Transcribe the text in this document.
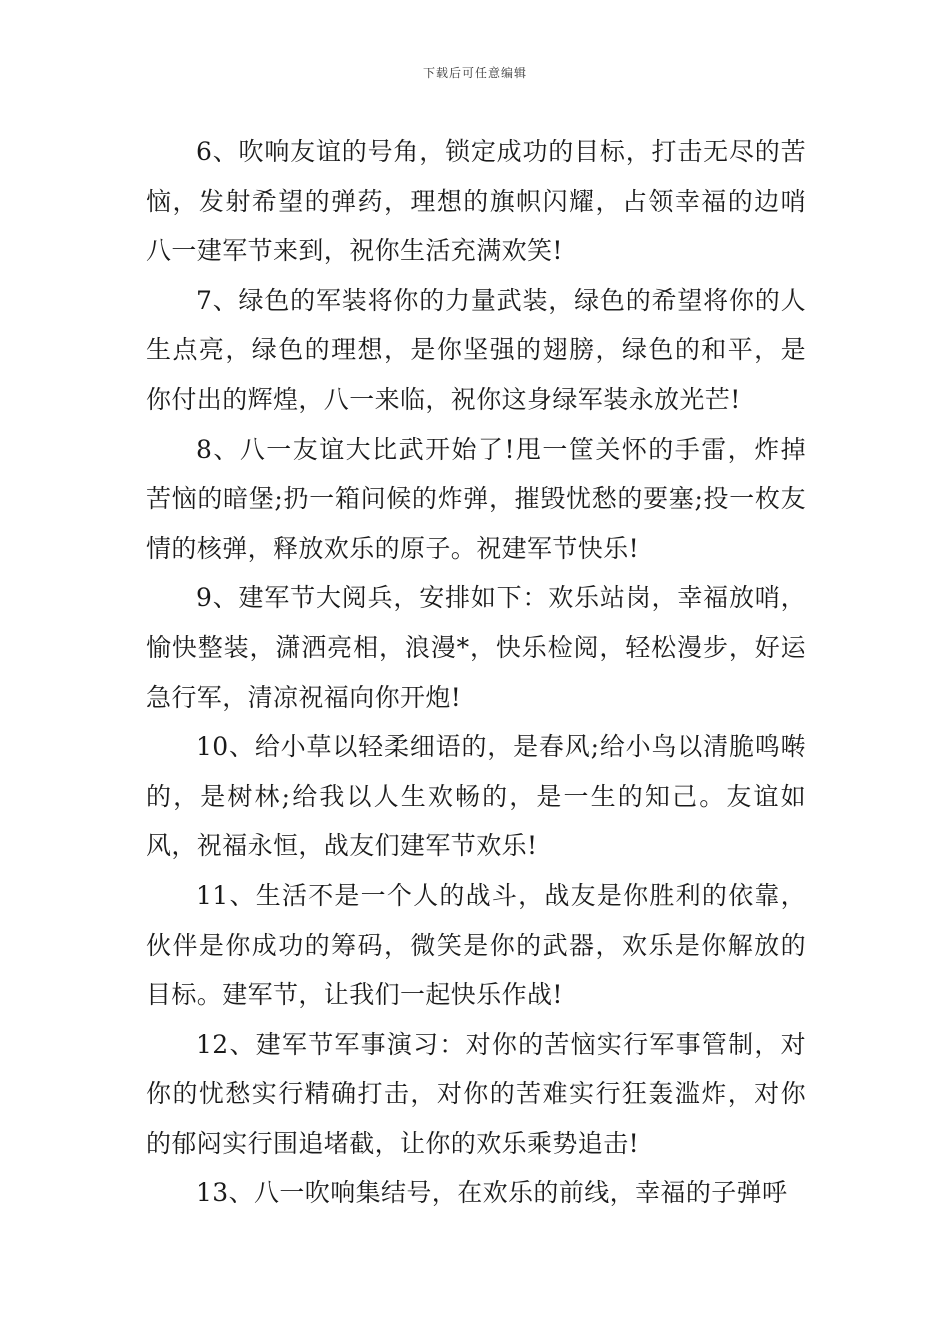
下载后可任意编辑

6、吹响友谊的号角，锁定成功的目标，打击无尽的苦恼，发射希望的弹药，理想的旗帜闪耀，占领幸福的边哨八一建军节来到，祝你生活充满欢笑!

7、绿色的军装将你的力量武装，绿色的希望将你的人生点亮，绿色的理想，是你坚强的翅膀，绿色的和平，是你付出的辉煌，八一来临，祝你这身绿军装永放光芒!

8、八一友谊大比武开始了!甩一筐关怀的手雷，炸掉苦恼的暗堡;扔一箱问候的炸弹，摧毁忧愁的要塞;投一枚友情的核弹，释放欢乐的原子。祝建军节快乐!

9、建军节大阅兵，安排如下：欢乐站岗，幸福放哨，愉快整装，潇洒亮相，浪漫*，快乐检阅，轻松漫步，好运急行军，清凉祝福向你开炮!

10、给小草以轻柔细语的，是春风;给小鸟以清脆鸣啭的，是树林;给我以人生欢畅的，是一生的知己。友谊如风，祝福永恒，战友们建军节欢乐!

11、生活不是一个人的战斗，战友是你胜利的依靠，伙伴是你成功的筹码，微笑是你的武器，欢乐是你解放的目标。建军节，让我们一起快乐作战!

12、建军节军事演习：对你的苦恼实行军事管制，对你的忧愁实行精确打击，对你的苦难实行狂轰滥炸，对你的郁闷实行围追堵截，让你的欢乐乘势追击!

13、八一吹响集结号，在欢乐的前线，幸福的子弹呼
